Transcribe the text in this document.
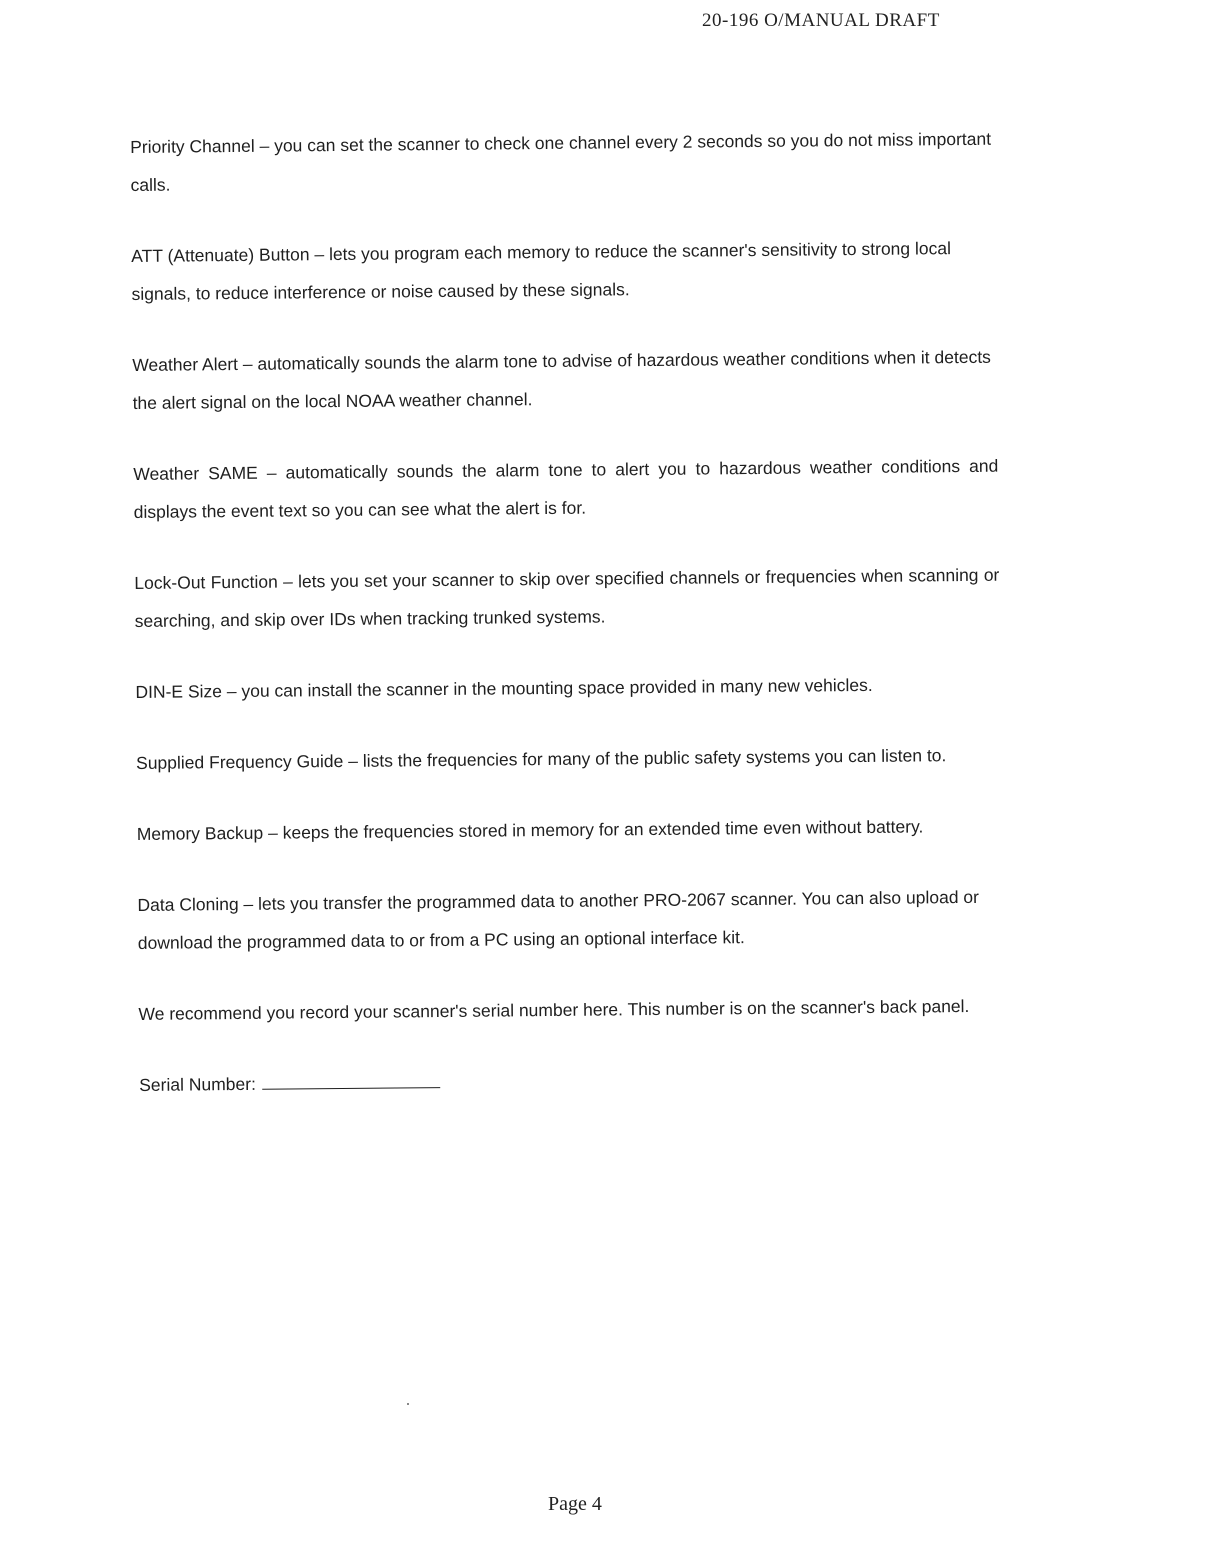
20-196 O/MANUAL DRAFT

Priority Channel – you can set the scanner to check one channel every 2 seconds so you do not miss important calls.

ATT (Attenuate) Button – lets you program each memory to reduce the scanner's sensitivity to strong local signals, to reduce interference or noise caused by these signals.

Weather Alert – automatically sounds the alarm tone to advise of hazardous weather conditions when it detects the alert signal on the local NOAA weather channel.

Weather SAME – automatically sounds the alarm tone to alert you to hazardous weather conditions and displays the event text so you can see what the alert is for.

Lock-Out Function – lets you set your scanner to skip over specified channels or frequencies when scanning or searching, and skip over IDs when tracking trunked systems.

DIN-E Size – you can install the scanner in the mounting space provided in many new vehicles.

Supplied Frequency Guide – lists the frequencies for many of the public safety systems you can listen to.

Memory Backup – keeps the frequencies stored in memory for an extended time even without battery.

Data Cloning – lets you transfer the programmed data to another PRO-2067 scanner. You can also upload or download the programmed data to or from a PC using an optional interface kit.

We recommend you record your scanner's serial number here. This number is on the scanner's back panel.

Serial Number:
Page 4
